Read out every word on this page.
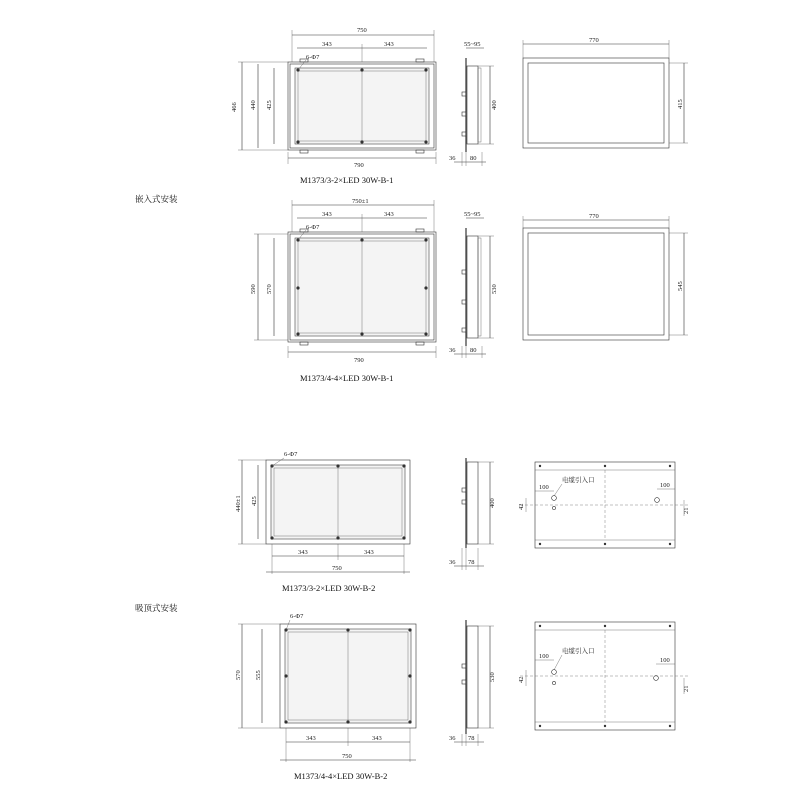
嵌入式安装
吸顶式安装
750
343	343
6-Φ7
466 440 425
790
M1373/3-2×LED 30W-B-1
55~95
400
36 80
770
415
750±1
343	343
6-Φ7
590 570
790
M1373/4-4×LED 30W-B-1
55~95
530
36 80
770
545
6-Φ7
440±1 425
343	343
750
M1373/3-2×LED 30W-B-2
400
36 78
电缆引入口
100	100
42
21
6-Φ7
570 555
343	343
750
M1373/4-4×LED 30W-B-2
530
36 78
电缆引入口
100
100
42
21
